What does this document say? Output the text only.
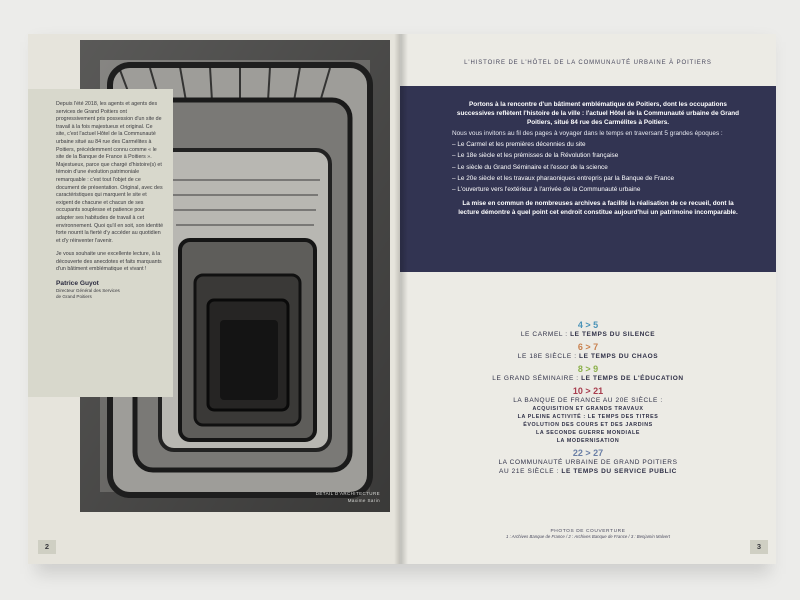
DÉTAIL D'ARCHITECTURE
Maxime Sarin

Depuis l'été 2018, les agents et agents des services de Grand Poitiers ont progressivement pris possession d'un site de travail à la fois majestueux et original. Ce site, c'est l'actuel Hôtel de la Communauté urbaine situé au 84 rue des Carmélites à Poitiers, précédemment connu comme « le site de la Banque de France à Poitiers ». Majestueux, parce que chargé d'histoire(s) et témoin d'une évolution patrimoniale remarquable : c'est tout l'objet de ce document de présentation. Original, avec des caractéristiques qui marquent le site et exigent de chacune et chacun de ses occupants souplesse et patience pour adapter ses habitudes de travail à cet environnement. Quoi qu'il en soit, son identité forte nourrit la fierté d'y accéder au quotidien et d'y réinventer l'avenir.

Je vous souhaite une excellente lecture, à la découverte des anecdotes et faits marquants d'un bâtiment emblématique et vivant !

Patrice Guyot
Directeur Général des Services
de Grand Poitiers
2
L'HISTOIRE DE L'HÔTEL DE LA COMMUNAUTÉ URBAINE À POITIERS

Portons à la rencontre d'un bâtiment emblématique de Poitiers, dont les occupations successives reflètent l'histoire de la ville : l'actuel Hôtel de la Communauté urbaine de Grand Poitiers, situé 84 rue des Carmélites à Poitiers.

Nous vous invitons au fil des pages à voyager dans le temps en traversant 5 grandes époques :

– Le Carmel et les premières décennies du site
– Le 18e siècle et les prémisses de la Révolution française
– Le siècle du Grand Séminaire et l'essor de la science
– Le 20e siècle et les travaux pharaoniques entrepris par la Banque de France
– L'ouverture vers l'extérieur à l'arrivée de la Communauté urbaine

La mise en commun de nombreuses archives a facilité la réalisation de ce recueil, dont la lecture démontre à quel point cet endroit constitue aujourd'hui un patrimoine incomparable.

4 > 5
LE CARMEL : LE TEMPS DU SILENCE
6 > 7
LE 18E SIÈCLE : LE TEMPS DU CHAOS
8 > 9
LE GRAND SÉMINAIRE : LE TEMPS DE L'ÉDUCATION
10 > 21
LA BANQUE DE FRANCE AU 20E SIÈCLE :
ACQUISITION ET GRANDS TRAVAUX
LA PLEINE ACTIVITÉ : LE TEMPS DES TITRES
ÉVOLUTION DES COURS ET DES JARDINS
LA SECONDE GUERRE MONDIALE
LA MODERNISATION
22 > 27
LA COMMUNAUTÉ URBAINE DE GRAND POITIERS
AU 21E SIÈCLE : LE TEMPS DU SERVICE PUBLIC
PHOTOS DE COUVERTURE
1 : Archives Banque de France / 2 : Archives Banque de France / 3 : Benjamin Malvert
3
